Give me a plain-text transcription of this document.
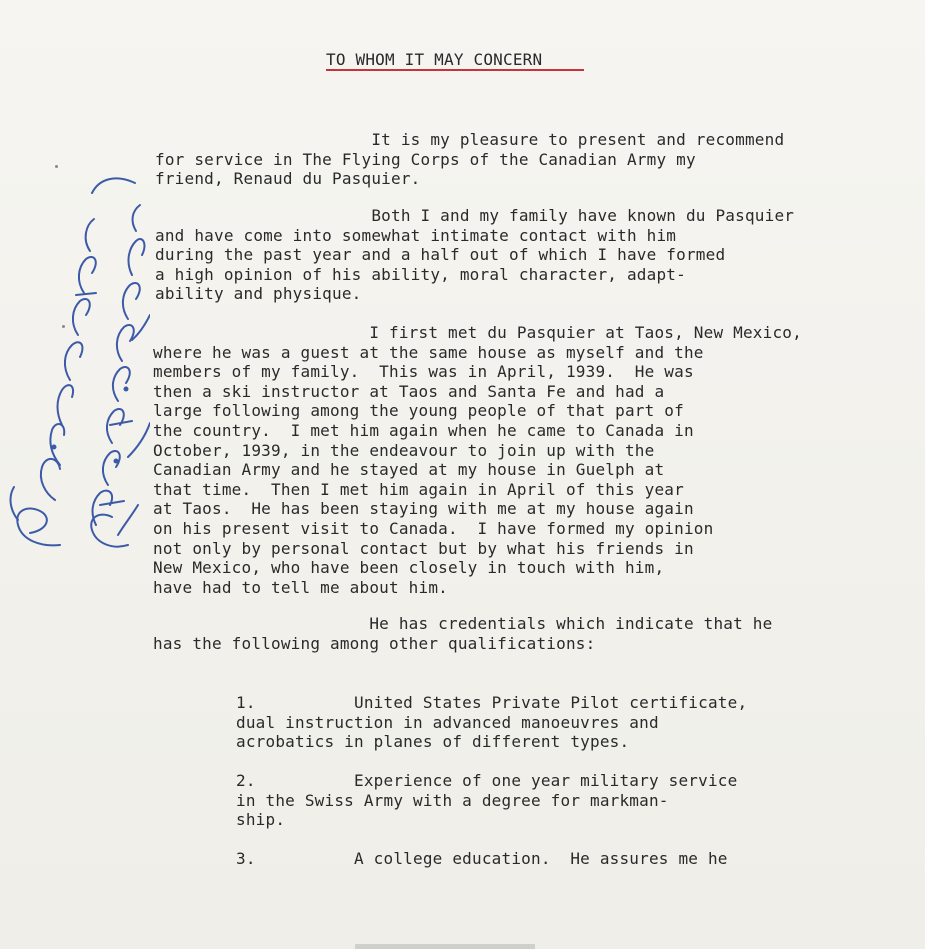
TO WHOM IT MAY CONCERN
It is my pleasure to present and recommend
for service in The Flying Corps of the Canadian Army my
friend, Renaud du Pasquier.
Both I and my family have known du Pasquier
and have come into somewhat intimate contact with him
during the past year and a half out of which I have formed
a high opinion of his ability, moral character, adapt-
ability and physique.
I first met du Pasquier at Taos, New Mexico,
where he was a guest at the same house as myself and the
members of my family.  This was in April, 1939.  He was
then a ski instructor at Taos and Santa Fe and had a
large following among the young people of that part of
the country.  I met him again when he came to Canada in
October, 1939, in the endeavour to join up with the
Canadian Army and he stayed at my house in Guelph at
that time.  Then I met him again in April of this year
at Taos.  He has been staying with me at my house again
on his present visit to Canada.  I have formed my opinion
not only by personal contact but by what his friends in
New Mexico, who have been closely in touch with him,
have had to tell me about him.
He has credentials which indicate that he
has the following among other qualifications:
1.          United States Private Pilot certificate,
dual instruction in advanced manoeuvres and
acrobatics in planes of different types.
2.          Experience of one year military service
in the Swiss Army with a degree for markman-
ship.
3.          A college education.  He assures me he
